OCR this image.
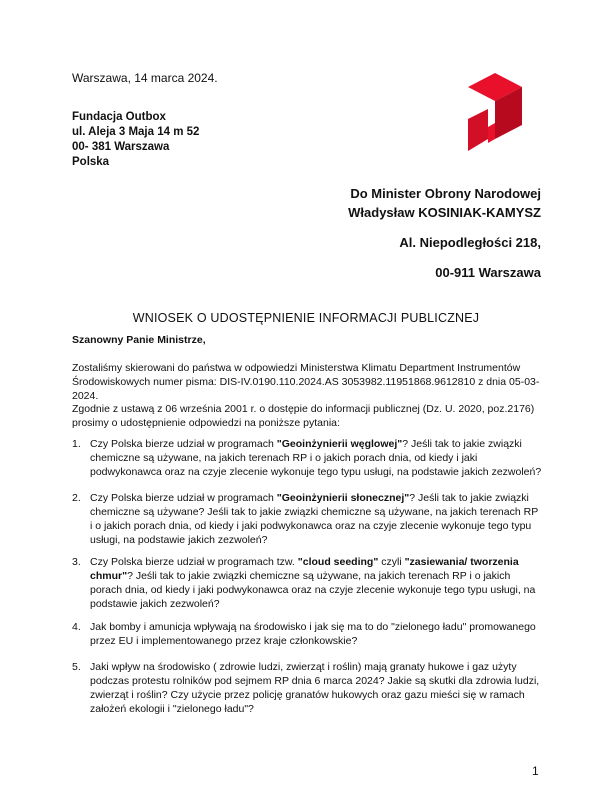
Warszawa, 14 marca 2024.
Fundacja Outbox
ul. Aleja 3 Maja 14 m 52
00- 381 Warszawa
Polska
Do Minister Obrony Narodowej
Władysław KOSINIAK-KAMYSZ
Al. Niepodległości 218,
00-911 Warszawa
WNIOSEK O UDOSTĘPNIENIE INFORMACJI PUBLICZNEJ
Szanowny Panie Ministrze,
Zostaliśmy skierowani do państwa w odpowiedzi Ministerstwa Klimatu Department Instrumentów Środowiskowych numer pisma: DIS-IV.0190.110.2024.AS 3053982.11951868.9612810 z dnia 05-03-2024.
Zgodnie z ustawą z 06 września 2001 r. o dostępie do informacji publicznej (Dz. U. 2020, poz.2176) prosimy o udostępnienie odpowiedzi na poniższe pytania:
1. Czy Polska bierze udział w programach "Geoinżynierii węglowej"? Jeśli tak to jakie związki chemiczne są używane, na jakich terenach RP i o jakich porach dnia, od kiedy i jaki podwykonawca oraz na czyje zlecenie wykonuje tego typu usługi, na podstawie jakich zezwoleń?
2. Czy Polska bierze udział w programach "Geoinżynierii słonecznej"? Jeśli tak to jakie związki chemiczne są używane? Jeśli tak to jakie związki chemiczne są używane, na jakich terenach RP i o jakich porach dnia, od kiedy i jaki podwykonawca oraz na czyje zlecenie wykonuje tego typu usługi, na podstawie jakich zezwoleń?
3. Czy Polska bierze udział w programach tzw. "cloud seeding" czyli "zasiewania/ tworzenia chmur"? Jeśli tak to jakie związki chemiczne są używane, na jakich terenach RP i o jakich porach dnia, od kiedy i jaki podwykonawca oraz na czyje zlecenie wykonuje tego typu usługi, na podstawie jakich zezwoleń?
4. Jak bomby i amunicja wpływają na środowisko i jak się ma to do "zielonego ładu" promowanego przez EU i implementowanego przez kraje członkowskie?
5. Jaki wpływ na środowisko ( zdrowie ludzi, zwierząt i roślin) mają granaty hukowe i gaz użyty podczas protestu rolników pod sejmem RP dnia 6 marca 2024? Jakie są skutki dla zdrowia ludzi, zwierząt i roślin? Czy użycie przez policję granatów hukowych oraz gazu mieści się w ramach założeń ekologii i "zielonego ładu"?
1
